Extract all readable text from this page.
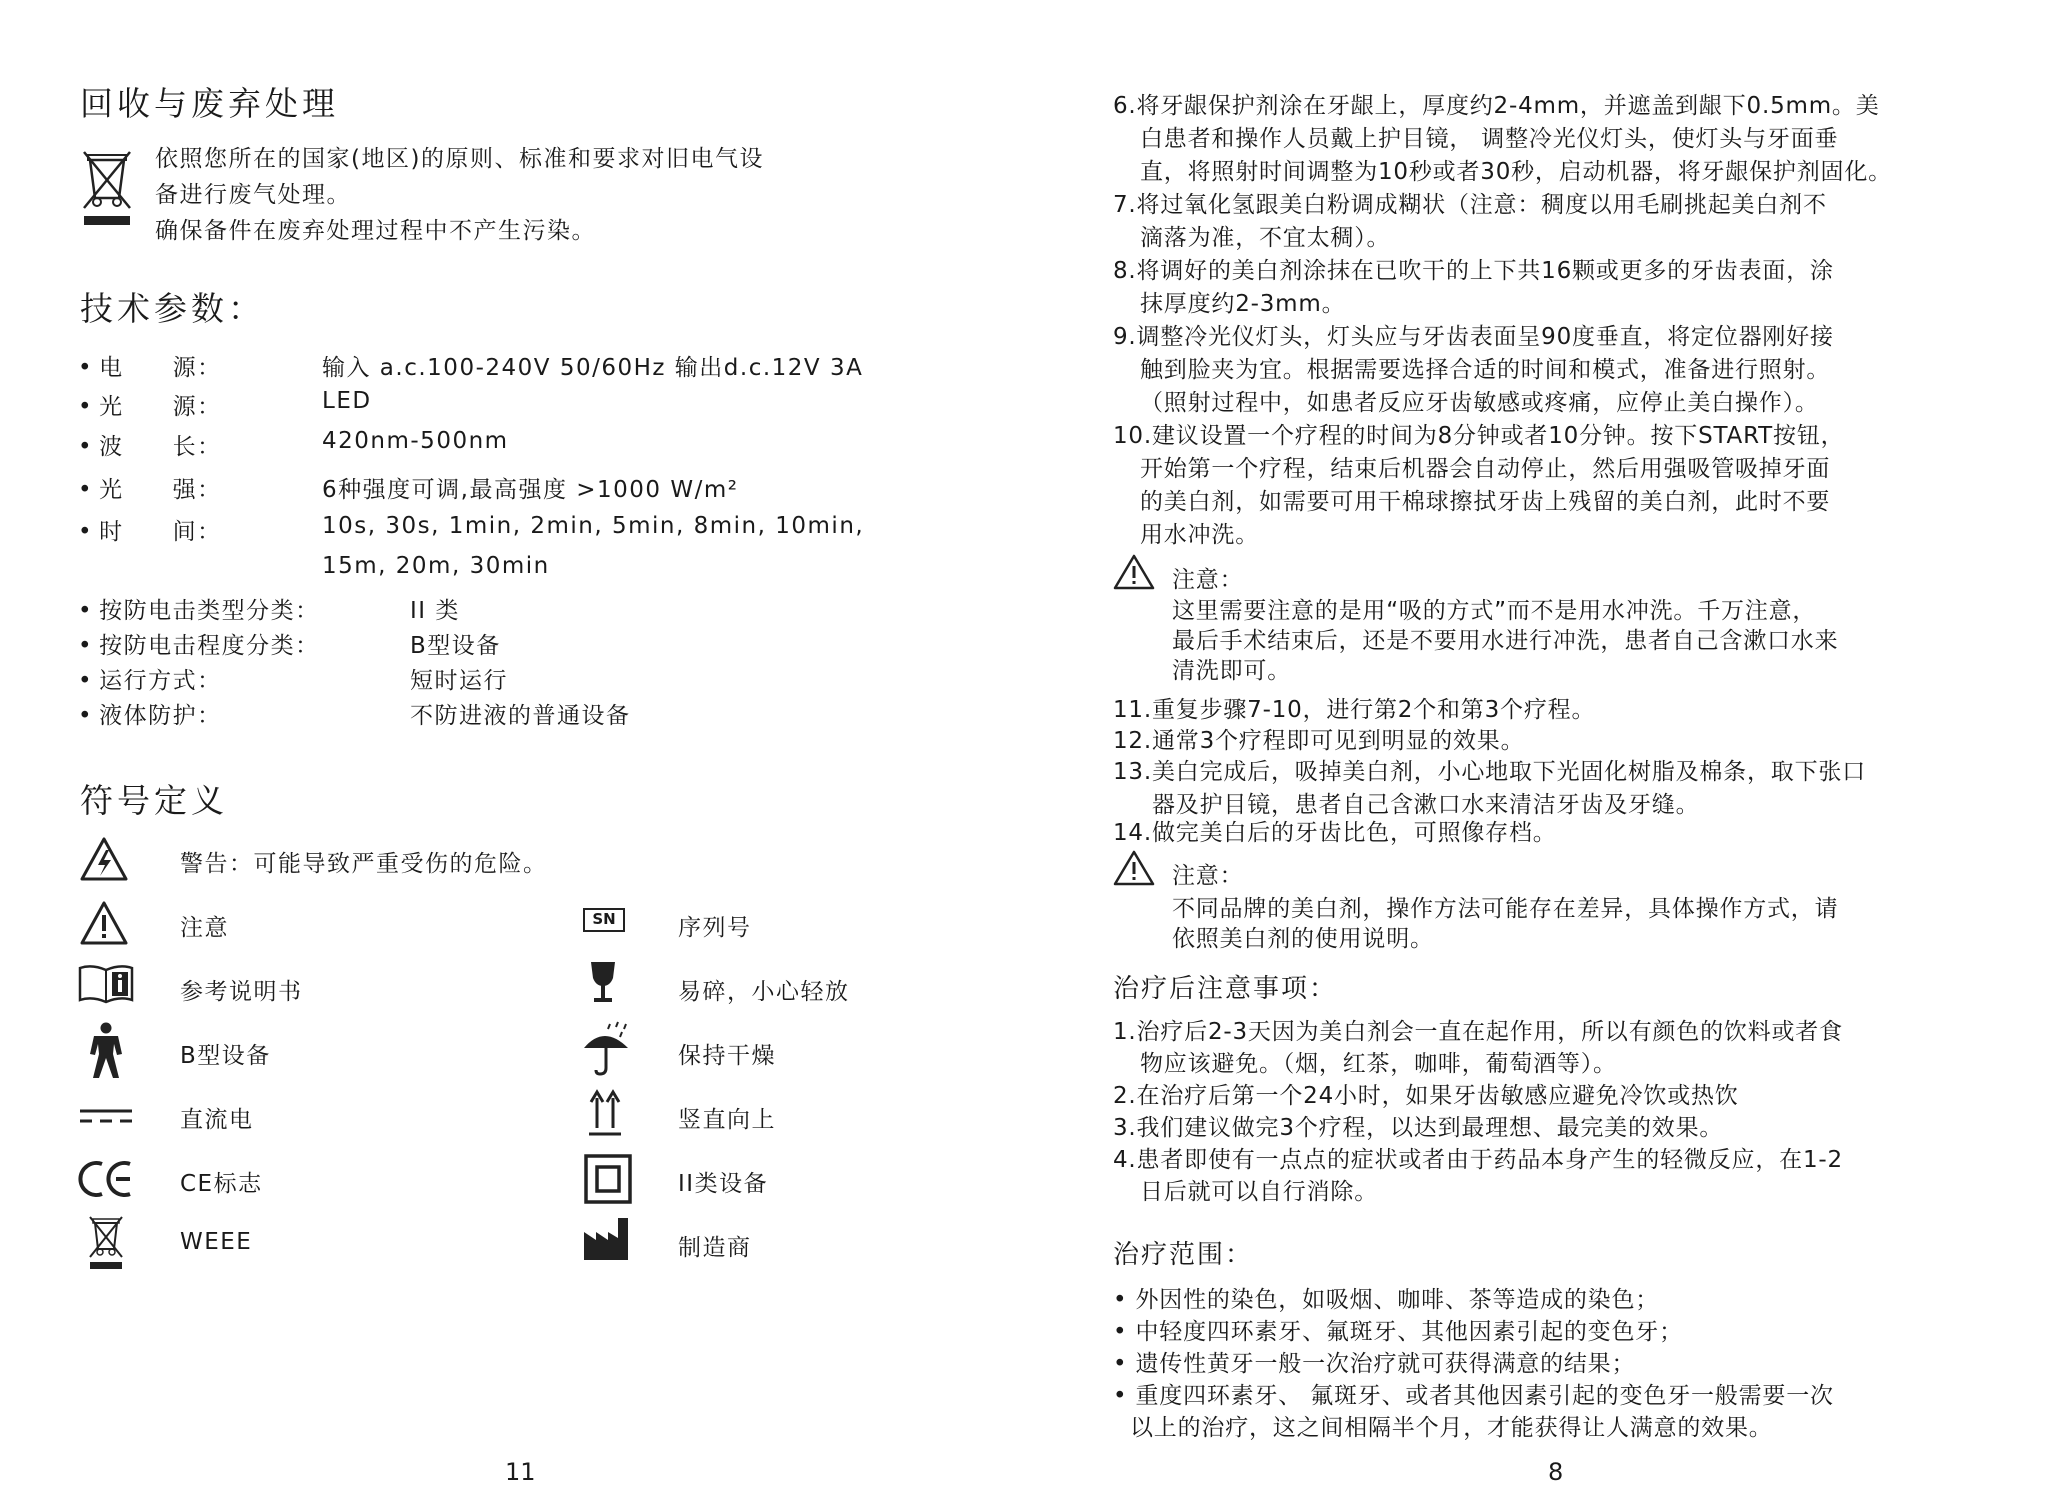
回收与废弃处理
依照您所在的国家(地区)的原则、标准和要求对旧电气设
备进行废气处理。
确保备件在废弃处理过程中不产生污染。
技术参数：
• 电　　源：	输入 a.c.100-240V 50/60Hz 输出d.c.12V 3A
• 光　　源：	LED
• 波　　长：	420nm-500nm
• 光　　强：	6种强度可调,最高强度 >1000 W/m²
• 时　　间：	10s, 30s, 1min, 2min, 5min, 8min, 10min,
15m, 20m, 30min
• 按防电击类型分类：	II 类
• 按防电击程度分类：	B型设备
• 运行方式：	短时运行
• 液体防护：	不防进液的普通设备
符号定义
警告：可能导致严重受伤的危险。
注意	SN	序列号
参考说明书	易碎，小心轻放
B型设备	保持干燥
直流电	竖直向上
CE标志	II类设备
WEEE	制造商
11
6.将牙龈保护剂涂在牙龈上，厚度约2-4mm，并遮盖到龈下0.5mm。美
白患者和操作人员戴上护目镜， 调整冷光仪灯头，使灯头与牙面垂
直，将照射时间调整为10秒或者30秒，启动机器，将牙龈保护剂固化。
7.将过氧化氢跟美白粉调成糊状（注意：稠度以用毛刷挑起美白剂不
滴落为准，不宜太稠）。
8.将调好的美白剂涂抹在已吹干的上下共16颗或更多的牙齿表面，涂
抹厚度约2-3mm。
9.调整冷光仪灯头，灯头应与牙齿表面呈90度垂直，将定位器刚好接
触到脸夹为宜。根据需要选择合适的时间和模式，准备进行照射。
（照射过程中，如患者反应牙齿敏感或疼痛，应停止美白操作）。
10.建议设置一个疗程的时间为8分钟或者10分钟。按下START按钮，
开始第一个疗程，结束后机器会自动停止，然后用强吸管吸掉牙面
的美白剂，如需要可用干棉球擦拭牙齿上残留的美白剂，此时不要
用水冲洗。
注意：
这里需要注意的是用“吸的方式”而不是用水冲洗。千万注意，
最后手术结束后，还是不要用水进行冲洗，患者自己含漱口水来
清洗即可。
11.重复步骤7-10，进行第2个和第3个疗程。
12.通常3个疗程即可见到明显的效果。
13.美白完成后，吸掉美白剂，小心地取下光固化树脂及棉条，取下张口
器及护目镜，患者自己含漱口水来清洁牙齿及牙缝。
14.做完美白后的牙齿比色，可照像存档。
注意：
不同品牌的美白剂，操作方法可能存在差异，具体操作方式，请
依照美白剂的使用说明。
治疗后注意事项：
1.治疗后2-3天因为美白剂会一直在起作用，所以有颜色的饮料或者食
物应该避免。（烟，红茶，咖啡，葡萄酒等）。
2.在治疗后第一个24小时，如果牙齿敏感应避免冷饮或热饮
3.我们建议做完3个疗程，以达到最理想、最完美的效果。
4.患者即使有一点点的症状或者由于药品本身产生的轻微反应，在1-2
日后就可以自行消除。
治疗范围：
• 外因性的染色，如吸烟、咖啡、茶等造成的染色；
• 中轻度四环素牙、氟斑牙、其他因素引起的变色牙；
• 遗传性黄牙一般一次治疗就可获得满意的结果；
• 重度四环素牙、 氟斑牙、或者其他因素引起的变色牙一般需要一次
以上的治疗，这之间相隔半个月，才能获得让人满意的效果。
8
